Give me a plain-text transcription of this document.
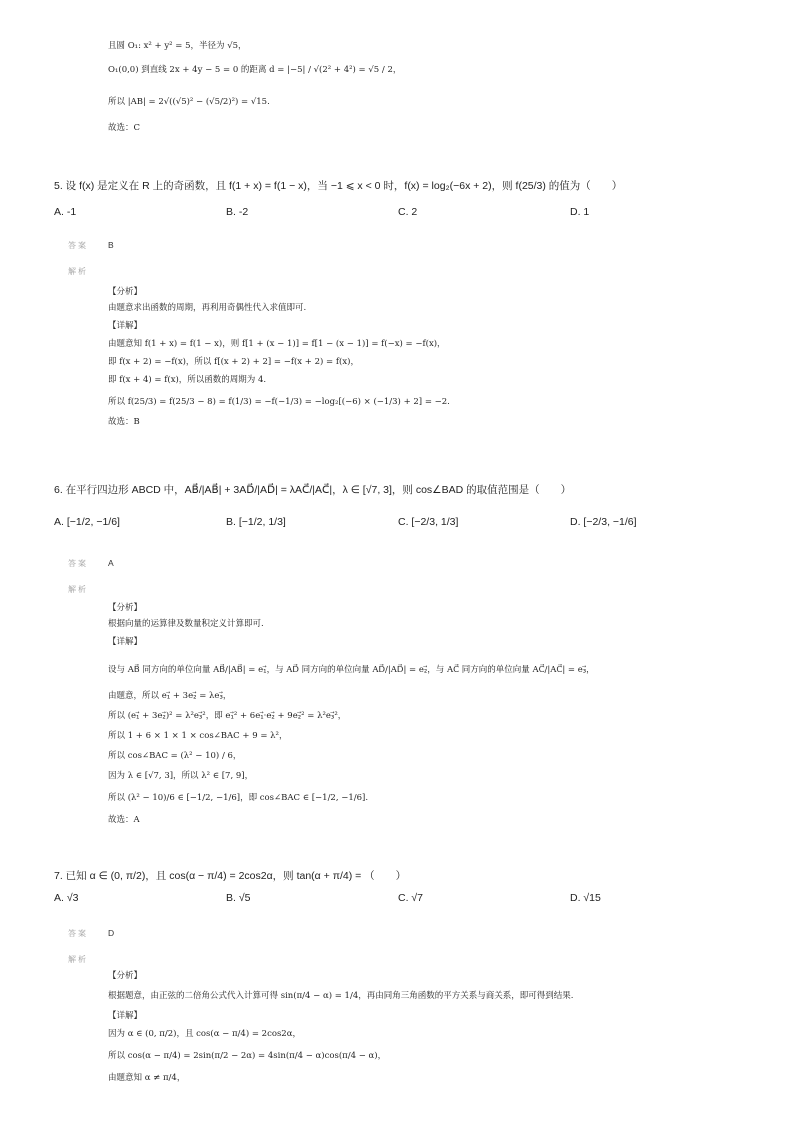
且圆 O₁: x² + y² = 5，半径为 √5，
O₁(0,0) 到直线 2x + 4y − 5 = 0 的距离 d = |−5| / √(2² + 4²) = √5 / 2，
所以 |AB| = 2√((√5)² − (√5/2)²) = √15.
故选：C
5. 设 f(x) 是定义在 R 上的奇函数，且 f(1 + x) = f(1 − x)，当 −1 ⩽ x < 0 时，f(x) = log₂(−6x + 2)，则 f(25/3) 的值为（　　）
A. -1	B. -2	C. 2	D. 1
答案 B
解析
【分析】
由题意求出函数的周期，再利用奇偶性代入求值即可.
【详解】
由题意知 f(1 + x) = f(1 − x)，则 f[1 + (x − 1)] = f[1 − (x − 1)] = f(−x) = −f(x)，
即 f(x + 2) = −f(x)，所以 f[(x + 2) + 2] = −f(x + 2) = f(x)，
即 f(x + 4) = f(x)，所以函数的周期为 4.
所以 f(25/3) = f(25/3 − 8) = f(1/3) = −f(−1/3) = −log₂[(−6) × (−1/3) + 2] = −2.
故选：B
6. 在平行四边形 ABCD 中，AB⃗/|AB⃗| + 3AD⃗/|AD⃗| = λAC⃗/|AC⃗|，λ ∈ [√7, 3]，则 cos∠BAD 的取值范围是（　　）
A. [−1/2, −1/6]	B. [−1/2, 1/3]	C. [−2/3, 1/3]	D. [−2/3, −1/6]
答案 A
解析
【分析】
根据向量的运算律及数量积定义计算即可.
【详解】
设与 AB⃗ 同方向的单位向量 AB⃗/|AB⃗| = e₁⃗，与 AD⃗ 同方向的单位向量 AD⃗/|AD⃗| = e₂⃗，与 AC⃗ 同方向的单位向量 AC⃗/|AC⃗| = e₃⃗，
由题意，所以 e₁⃗ + 3e₂⃗ = λe₃⃗，
所以 (e₁⃗ + 3e₂⃗)² = λ²e₃⃗²，即 e₁⃗² + 6e₁⃗·e₂⃗ + 9e₂⃗² = λ²e₃⃗²，
所以 1 + 6 × 1 × 1 × cos∠BAC + 9 = λ²，
所以 cos∠BAC = (λ² − 10) / 6，
因为 λ ∈ [√7, 3]，所以 λ² ∈ [7, 9]，
所以 (λ² − 10)/6 ∈ [−1/2, −1/6]，即 cos∠BAC ∈ [−1/2, −1/6].
故选：A
7. 已知 α ∈ (0, π/2)，且 cos(α − π/4) = 2cos2α，则 tan(α + π/4) = （　　）
A. √3	B. √5	C. √7	D. √15
答案 D
解析
【分析】
根据题意，由正弦的二倍角公式代入计算可得 sin(π/4 − α) = 1/4，再由同角三角函数的平方关系与商关系，即可得到结果.
【详解】
因为 α ∈ (0, π/2)，且 cos(α − π/4) = 2cos2α，
所以 cos(α − π/4) = 2sin(π/2 − 2α) = 4sin(π/4 − α)cos(π/4 − α)，
由题意知 α ≠ π/4，
